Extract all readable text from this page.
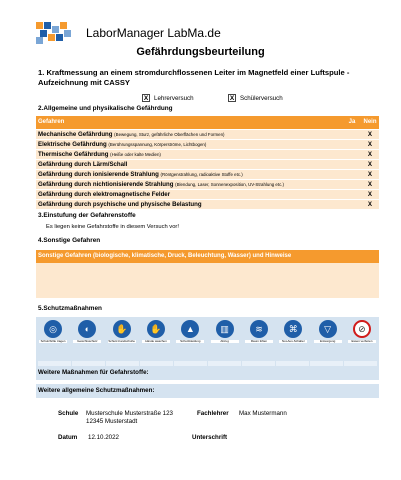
LaborManager LabMa.de
Gefährdungsbeurteilung
1. Kraftmessung an einem stromdurchflossenen Leiter im Magnetfeld einer Luftspule - Aufzeichnung mit CASSY
X Lehrerversuch	X Schülerversuch
2.Allgemeine und physikalische Gefährdung
Gefahren	Ja	Nein
Mechanische Gefährdung (Bewegung, Sturz, gefährliche Oberflächen und Formen)		X
Elektrische Gefährdung (Berührungsspannung, Körperströme, Lichtbogen)		X
Thermische Gefährdung (Heiße oder kalte Medien)		X
Gefährdung durch Lärm/Schall		X
Gefährdung durch ionisierende Strahlung (Röntgenstrahlung, radioaktive Stoffe etc.)		X
Gefährdung durch nichtionisierende Strahlung (Blendung, Laser, Sonnenexposition, UV-Strahlung etc.)		X
Gefährdung durch elektromagnetische Felder		X
Gefährdung durch psychische und physische Belastung		X
3.Einstufung der Gefahrenstoffe
Es liegen keine Gefahrstoffe in diesem Versuch vor!
4.Sonstige Gefahren
Sonstige Gefahren (biologische, klimatische, Druck, Beleuchtung, Wasser) und Hinweise
5.Schutzmaßnahmen
◎
Schutzbrille tragen
◐
Gesichtsschutz
✋
Schutz-handschuhe
✋
Hände waschen
▲
Schutzkleidung
▥
Abzug
≋
Raum lüften
⌘
Not-Aus-Schalter
▽
Entsorgung
⊘
Essen verboten
Weitere Maßnahmen für Gefahrstoffe:
Weitere allgemeine Schutzmaßnahmen:
Schule Musterschule Musterstraße 123
12345 Musterstadt
Fachlehrer Max Mustermann
Datum 12.10.2022	Unterschrift
